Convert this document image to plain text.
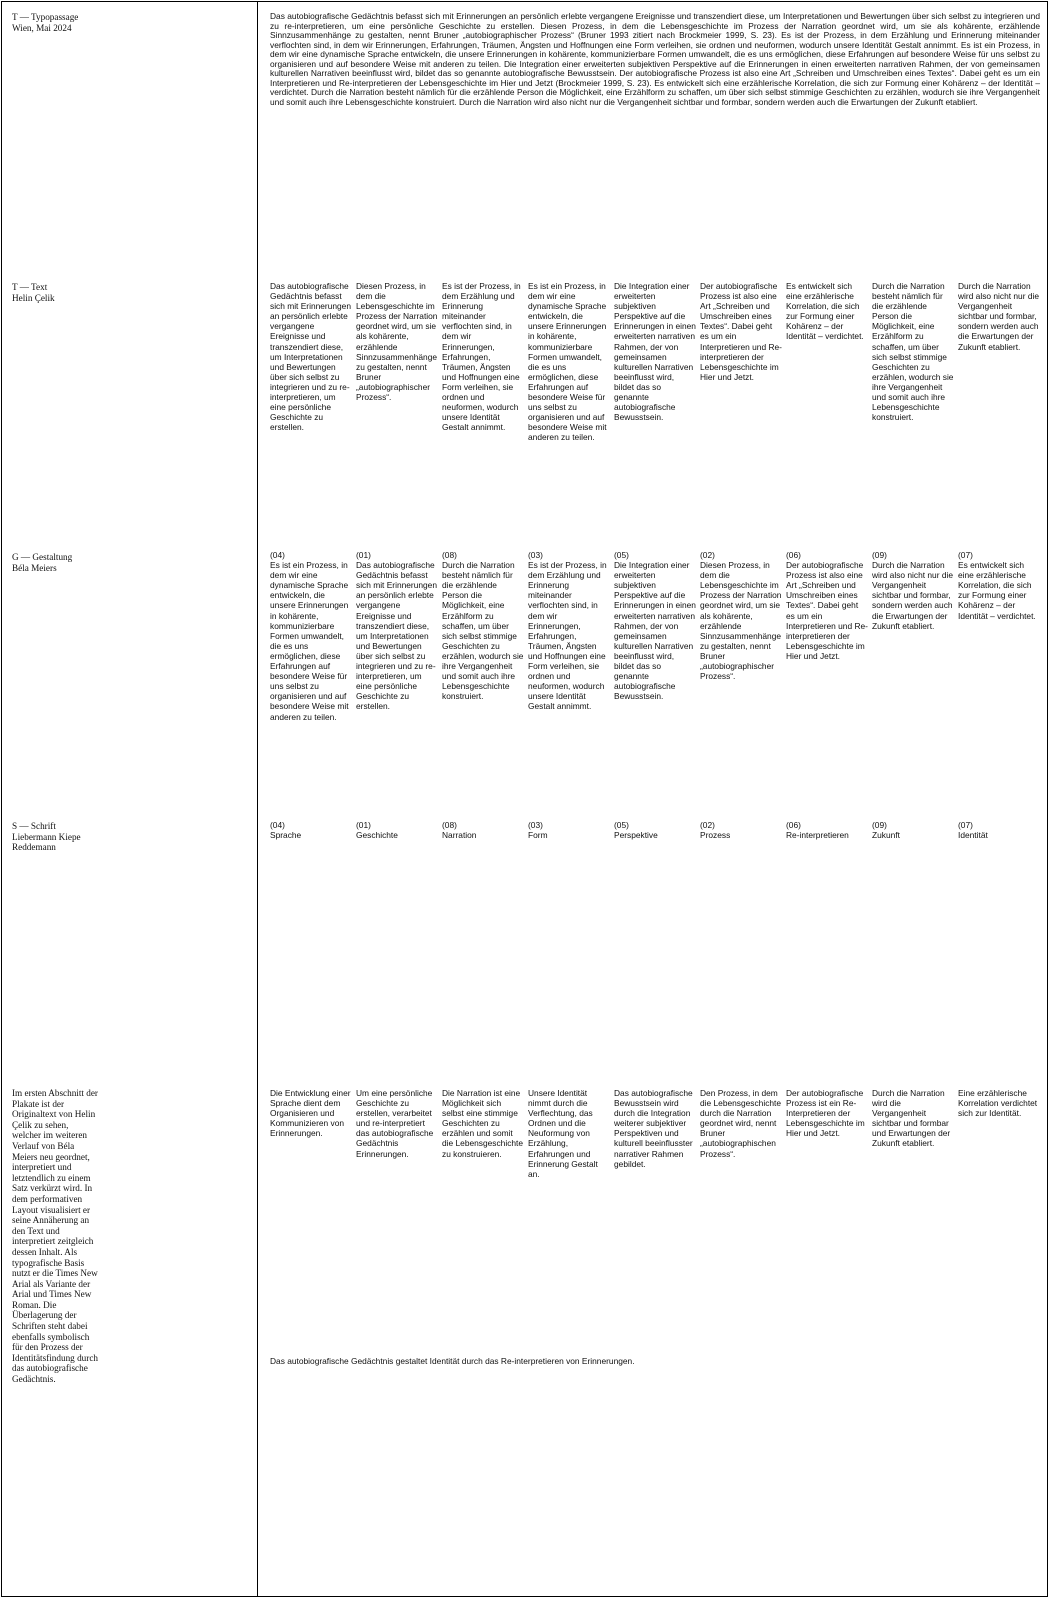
T — Typopassage
Wien, Mai 2024
T — Text
Helin Çelik
G — Gestaltung
Béla Meiers
S — Schrift
Liebermann Kiepe Reddemann

Das autobiografische Gedächtnis befasst sich mit Erinnerungen an persönlich erlebte vergangene Ereignisse und transzendiert diese, um Interpretationen und Bewertungen über sich selbst zu integrieren und zu re-interpretieren, um eine persönliche Geschichte zu erstellen. Diesen Prozess, in dem die Lebensgeschichte im Prozess der Narration geordnet wird, um sie als kohärente, erzählende Sinnzusammenhänge zu gestalten, nennt Bruner „autobiographischer Prozess“ (Bruner 1993 zitiert nach Brockmeier 1999, S. 23). Es ist der Prozess, in dem Erzählung und Erinnerung miteinander verflochten sind, in dem wir Erinnerungen, Erfahrungen, Träumen, Ängsten und Hoffnungen eine Form verleihen, sie ordnen und neuformen, wodurch unsere Identität Gestalt annimmt. Es ist ein Prozess, in dem wir eine dynamische Sprache entwickeln, die unsere Erinnerungen in kohärente, kommunizierbare Formen umwandelt, die es uns ermöglichen, diese Erfahrungen auf besondere Weise für uns selbst zu organisieren und auf besondere Weise mit anderen zu teilen. Die Integration einer erweiterten subjektiven Perspektive auf die Erinnerungen in einen erweiterten narrativen Rahmen, der von gemeinsamen kulturellen Narrativen beeinflusst wird, bildet das so genannte autobiografische Bewusstsein. Der autobiografische Prozess ist also eine Art „Schreiben und Umschreiben eines Textes“. Dabei geht es um ein Interpretieren und Re-interpretieren der Lebensgeschichte im Hier und Jetzt (Brockmeier 1999, S. 23). Es entwickelt sich eine erzählerische Korrelation, die sich zur Formung einer Kohärenz – der Identität – verdichtet. Durch die Narration besteht nämlich für die erzählende Person die Möglichkeit, eine Erzählform zu schaffen, um über sich selbst stimmige Geschichten zu erzählen, wodurch sie ihre Vergangenheit und somit auch ihre Lebensgeschichte konstruiert. Durch die Narration wird also nicht nur die Vergangenheit sichtbar und formbar, sondern werden auch die Erwartungen der Zukunft etabliert.

Das autobiografische Gedächtnis befasst sich mit Erinnerungen an persönlich erlebte vergangene Ereignisse und transzendiert diese, um Interpretationen und Bewertungen über sich selbst zu integrieren und zu re-interpretieren, um eine persönliche Geschichte zu erstellen.
Diesen Prozess, in dem die Lebensgeschichte im Prozess der Narration geordnet wird, um sie als kohärente, erzählende Sinnzusammenhänge zu gestalten, nennt Bruner „autobiographischer Prozess“.
Es ist der Prozess, in dem Erzählung und Erinnerung miteinander verflochten sind, in dem wir Erinnerungen, Erfahrungen, Träumen, Ängsten und Hoffnungen eine Form verleihen, sie ordnen und neuformen, wodurch unsere Identität Gestalt annimmt.
Es ist ein Prozess, in dem wir eine dynamische Sprache entwickeln, die unsere Erinnerungen in kohärente, kommunizierbare Formen umwandelt, die es uns ermöglichen, diese Erfahrungen auf besondere Weise für uns selbst zu organisieren und auf besondere Weise mit anderen zu teilen.
Die Integration einer erweiterten subjektiven Perspektive auf die Erinnerungen in einen erweiterten narrativen Rahmen, der von gemeinsamen kulturellen Narrativen beeinflusst wird, bildet das so genannte autobiografische Bewusstsein.
Der autobiografische Prozess ist also eine Art „Schreiben und Umschreiben eines Textes“. Dabei geht es um ein Interpretieren und Re-interpretieren der Lebensgeschichte im Hier und Jetzt.
Es entwickelt sich eine erzählerische Korrelation, die sich zur Formung einer Kohärenz – der Identität – verdichtet.
Durch die Narration besteht nämlich für die erzählende Person die Möglichkeit, eine Erzählform zu schaffen, um über sich selbst stimmige Geschichten zu erzählen, wodurch sie ihre Vergangenheit und somit auch ihre Lebensgeschichte konstruiert.
Durch die Narration wird also nicht nur die Vergangenheit sichtbar und formbar, sondern werden auch die Erwartungen der Zukunft etabliert.
(04)
Es ist ein Prozess, in dem wir eine dynamische Sprache entwickeln, die unsere Erinnerungen in kohärente, kommunizierbare Formen umwandelt, die es uns ermöglichen, diese Erfahrungen auf besondere Weise für uns selbst zu organisieren und auf besondere Weise mit anderen zu teilen.
(01)
Das autobiografische Gedächtnis befasst sich mit Erinnerungen an persönlich erlebte vergangene Ereignisse und transzendiert diese, um Interpretationen und Bewertungen über sich selbst zu integrieren und zu re-interpretieren, um eine persönliche Geschichte zu erstellen.
(08)
Durch die Narration besteht nämlich für die erzählende Person die Möglichkeit, eine Erzählform zu schaffen, um über sich selbst stimmige Geschichten zu erzählen, wodurch sie ihre Vergangenheit und somit auch ihre Lebensgeschichte konstruiert.
(03)
Es ist der Prozess, in dem Erzählung und Erinnerung miteinander verflochten sind, in dem wir Erinnerungen, Erfahrungen, Träumen, Ängsten und Hoffnungen eine Form verleihen, sie ordnen und neuformen, wodurch unsere Identität Gestalt annimmt.
(05)
Die Integration einer erweiterten subjektiven Perspektive auf die Erinnerungen in einen erweiterten narrativen Rahmen, der von gemeinsamen kulturellen Narrativen beeinflusst wird, bildet das so genannte autobiografische Bewusstsein.
(02)
Diesen Prozess, in dem die Lebensgeschichte im Prozess der Narration geordnet wird, um sie als kohärente, erzählende Sinnzusammenhänge zu gestalten, nennt Bruner „autobiographischer Prozess“.
(06)
Der autobiografische Prozess ist also eine Art „Schreiben und Umschreiben eines Textes“. Dabei geht es um ein Interpretieren und Re-interpretieren der Lebensgeschichte im Hier und Jetzt.
(09)
Durch die Narration wird also nicht nur die Vergangenheit sichtbar und formbar, sondern werden auch die Erwartungen der Zukunft etabliert.
(07)
Es entwickelt sich eine erzählerische Korrelation, die sich zur Formung einer Kohärenz – der Identität – verdichtet.
(04)
Sprache
(01)
Geschichte
(08)
Narration
(03)
Form
(05)
Perspektive
(02)
Prozess
(06)
Re-interpretieren
(09)
Zukunft
(07)
Identität
Die Entwicklung einer Sprache dient dem Organisieren und Kommunizieren von Erinnerungen.
Um eine persönliche Geschichte zu erstellen, verarbeitet und re-interpretiert das autobiografische Gedächtnis Erinnerungen.
Die Narration ist eine Möglichkeit sich selbst eine stimmige Geschichten zu erzählen und somit die Lebensgeschichte zu konstruieren.
Unsere Identität nimmt durch die Verflechtung, das Ordnen und die Neuformung von Erzählung, Erfahrungen und Erinnerung Gestalt an.
Das autobiografische Bewusstsein wird durch die Integration weiterer subjektiver Perspektiven und kulturell beeinflusster narrativer Rahmen gebildet.
Den Prozess, in dem die Lebensgeschichte durch die Narration geordnet wird, nennt Bruner „autobiographischen Prozess“.
Der autobiografische Prozess ist ein Re-Interpretieren der Lebensgeschichte im Hier und Jetzt.
Durch die Narration wird die Vergangenheit sichtbar und formbar und Erwartungen der Zukunft etabliert.
Eine erzählerische Korrelation verdichtet sich zur Identität.
Im ersten Abschnitt der Plakate ist der Originaltext von Helin Çelik zu sehen, welcher im weiteren Verlauf von Béla Meiers neu geordnet, interpretiert und letztendlich zu einem Satz verkürzt wird. In dem performativen Layout visualisiert er seine Annäherung an den Text und interpretiert zeitgleich dessen Inhalt. Als typografische Basis nutzt er die Times New Arial als Variante der Arial und Times New Roman. Die Überlagerung der Schriften steht dabei ebenfalls symbolisch für den Prozess der Identitätsfindung durch das autobiografische Gedächtnis.
Das autobiografische Gedächtnis gestaltet Identität durch das Re-interpretieren von Erinnerungen.
